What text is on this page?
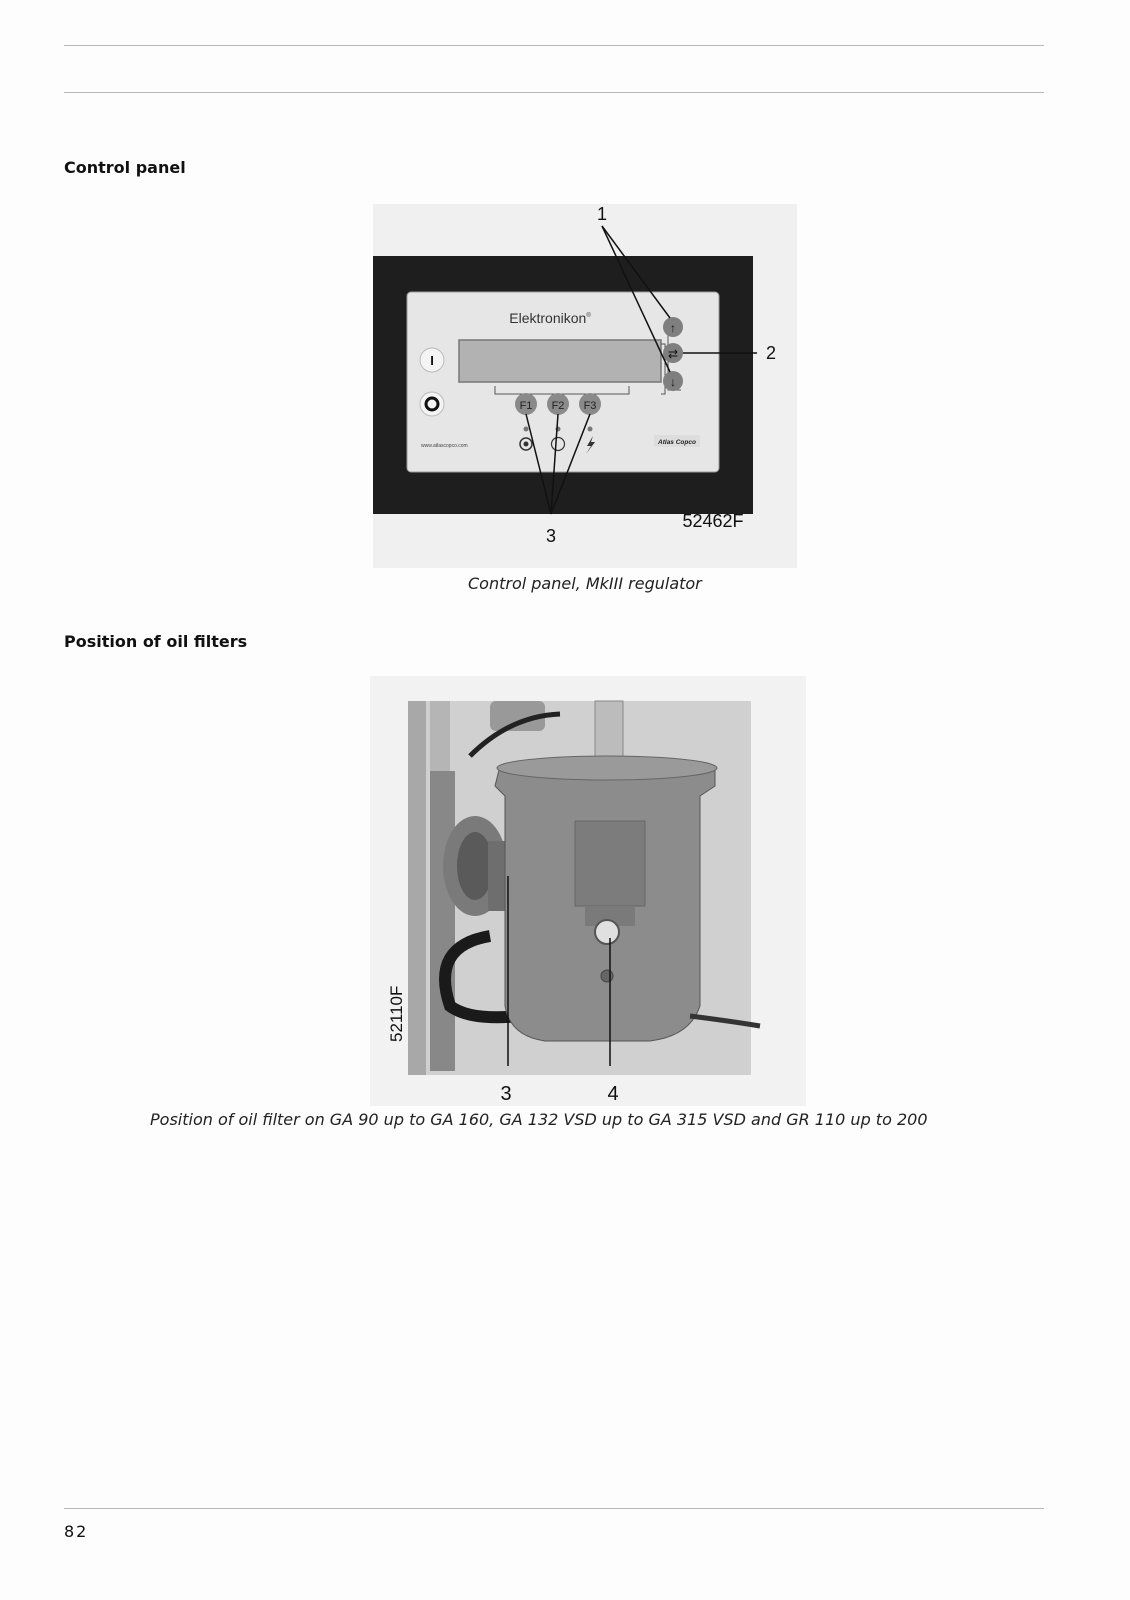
Control panel
Elektronikon®
I
F1 F2 F3
www.atlascopco.com	Atlas Copco
↑
⇄
↓
1
2
3
52462F
Control panel, MkIII regulator
Position of oil filters
3	4
52110F
Position of oil filter on GA 90 up to GA 160, GA 132 VSD up to GA 315 VSD and GR 110 up to 200
82
